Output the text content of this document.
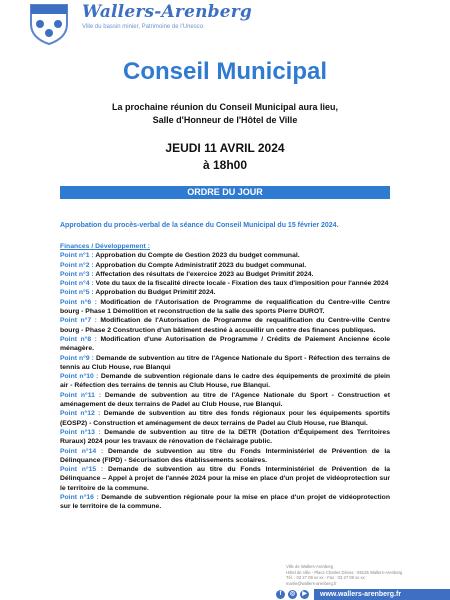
Wallers-Arenberg
Ville du bassin minier, Patrimoine de l'Unesco
Conseil Municipal
La prochaine réunion du Conseil Municipal aura lieu,
Salle d'Honneur de l'Hôtel de Ville
JEUDI 11 AVRIL 2024
à 18h00
ORDRE DU JOUR
Approbation du procès-verbal de la séance du Conseil Municipal du 15 février 2024.
Finances / Développement :
Point n°1 : Approbation du Compte de Gestion 2023 du budget communal.
Point n°2 : Approbation du Compte Administratif 2023 du budget communal.
Point n°3 : Affectation des résultats de l'exercice 2023 au Budget Primitif 2024.
Point n°4 : Vote du taux de la fiscalité directe locale - Fixation des taux d'imposition pour l'année 2024
Point n°5 : Approbation du Budget Primitif 2024.
Point n°6 : Modification de l'Autorisation de Programme de requalification du Centre-ville Centre bourg - Phase 1 Démolition et reconstruction de la salle des sports Pierre DUROT.
Point n°7 : Modification de l'Autorisation de Programme de requalification du Centre-ville Centre bourg - Phase 2 Construction d'un bâtiment destiné à accueillir un centre des finances publiques.
Point n°8 : Modification d'une Autorisation de Programme / Crédits de Paiement Ancienne école ménagère.
Point n°9 : Demande de subvention au titre de l'Agence Nationale du Sport - Réfection des terrains de tennis au Club House, rue Blanqui
Point n°10 : Demande de subvention régionale dans le cadre des équipements de proximité de plein air - Réfection des terrains de tennis au Club House, rue Blanqui.
Point n°11 : Demande de subvention au titre de l'Agence Nationale du Sport - Construction et aménagement de deux terrains de Padel au Club House, rue Blanqui.
Point n°12 : Demande de subvention au titre des fonds régionaux pour les équipements sportifs (EOSP2) - Construction et aménagement de deux terrains de Padel au Club House, rue Blanqui.
Point n°13 : Demande de subvention au titre de la DETR (Dotation d'Équipement des Territoires Ruraux) 2024 pour les travaux de rénovation de l'éclairage public.
Point n°14 : Demande de subvention au titre du Fonds Interministériel de Prévention de la Délinquance (FIPD) - Sécurisation des établissements scolaires.
Point n°15 : Demande de subvention au titre du Fonds Interministériel de Prévention de la Délinquance – Appel à projet de l'année 2024 pour la mise en place d'un projet de vidéoprotection sur le territoire de la commune.
Point n°16 : Demande de subvention régionale pour la mise en place d'un projet de vidéoprotection sur le territoire de la commune.
Ville de Wallers-Arenberg
Hôtel de Ville - Place Charles Dévos - 59135 Wallers-Arenberg
Tél. : 03 27 09 xx xx - Fax : 03 27 09 xx xx
mairie@wallers-arenberg.fr
f	◎	▶	www.wallers-arenberg.fr
